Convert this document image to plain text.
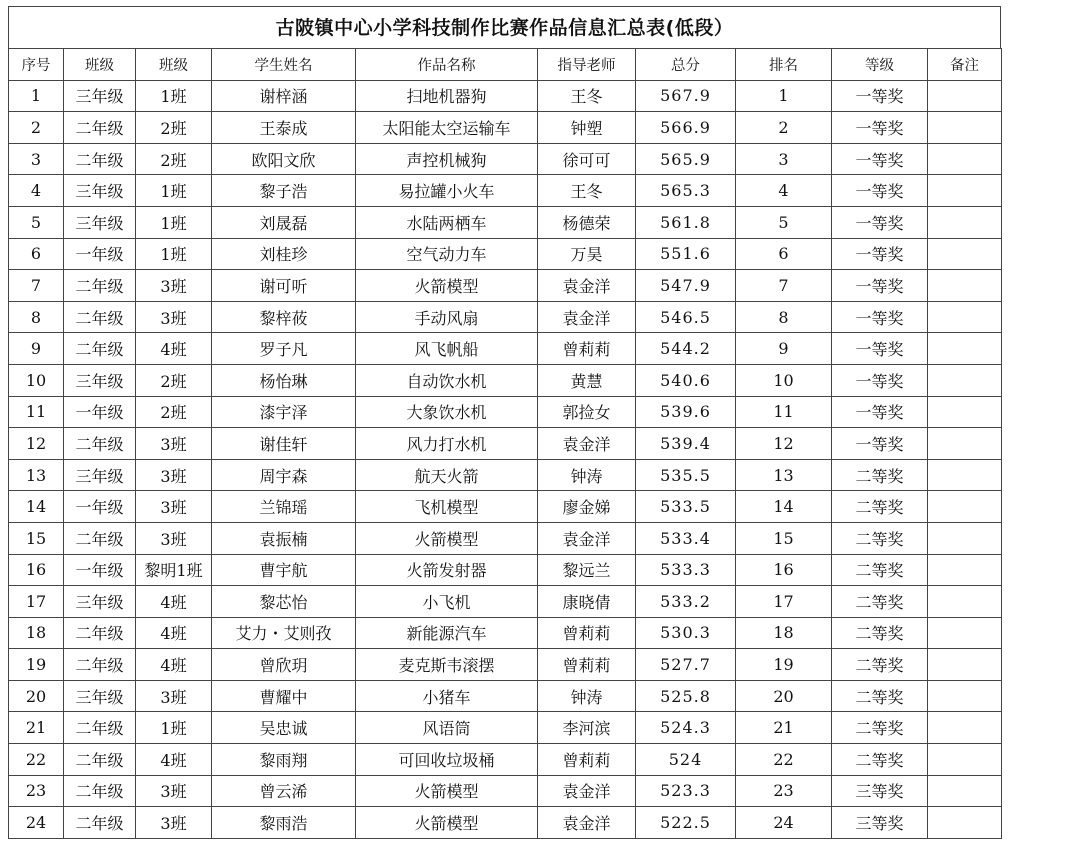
古陂镇中心小学科技制作比赛作品信息汇总表(低段）
序号	班级	班级	学生姓名	作品名称	指导老师	总分	排名	等级	备注
1	三年级	1班	谢梓涵	扫地机器狗	王冬	567.9	1	一等奖	
2	二年级	2班	王泰成	太阳能太空运输车	钟塑	566.9	2	一等奖	
3	二年级	2班	欧阳文欣	声控机械狗	徐可可	565.9	3	一等奖	
4	三年级	1班	黎子浩	易拉罐小火车	王冬	565.3	4	一等奖	
5	三年级	1班	刘晟磊	水陆两栖车	杨德荣	561.8	5	一等奖	
6	一年级	1班	刘桂珍	空气动力车	万昊	551.6	6	一等奖	
7	二年级	3班	谢可听	火箭模型	袁金洋	547.9	7	一等奖	
8	二年级	3班	黎梓莜	手动风扇	袁金洋	546.5	8	一等奖	
9	二年级	4班	罗子凡	风飞帆船	曾莉莉	544.2	9	一等奖	
10	三年级	2班	杨怡琳	自动饮水机	黄慧	540.6	10	一等奖	
11	一年级	2班	漆宇泽	大象饮水机	郭捡女	539.6	11	一等奖	
12	二年级	3班	谢佳轩	风力打水机	袁金洋	539.4	12	一等奖	
13	三年级	3班	周宇森	航天火箭	钟涛	535.5	13	二等奖	
14	一年级	3班	兰锦瑶	飞机模型	廖金娣	533.5	14	二等奖	
15	二年级	3班	袁振楠	火箭模型	袁金洋	533.4	15	二等奖	
16	一年级	黎明1班	曹宇航	火箭发射器	黎远兰	533.3	16	二等奖	
17	三年级	4班	黎芯怡	小飞机	康晓倩	533.2	17	二等奖	
18	二年级	4班	艾力・艾则孜	新能源汽车	曾莉莉	530.3	18	二等奖	
19	二年级	4班	曾欣玥	麦克斯韦滚摆	曾莉莉	527.7	19	二等奖	
20	三年级	3班	曹耀中	小猪车	钟涛	525.8	20	二等奖	
21	二年级	1班	吴忠诚	风语筒	李河滨	524.3	21	二等奖	
22	二年级	4班	黎雨翔	可回收垃圾桶	曾莉莉	524	22	二等奖	
23	二年级	3班	曾云浠	火箭模型	袁金洋	523.3	23	三等奖	
24	二年级	3班	黎雨浩	火箭模型	袁金洋	522.5	24	三等奖	
